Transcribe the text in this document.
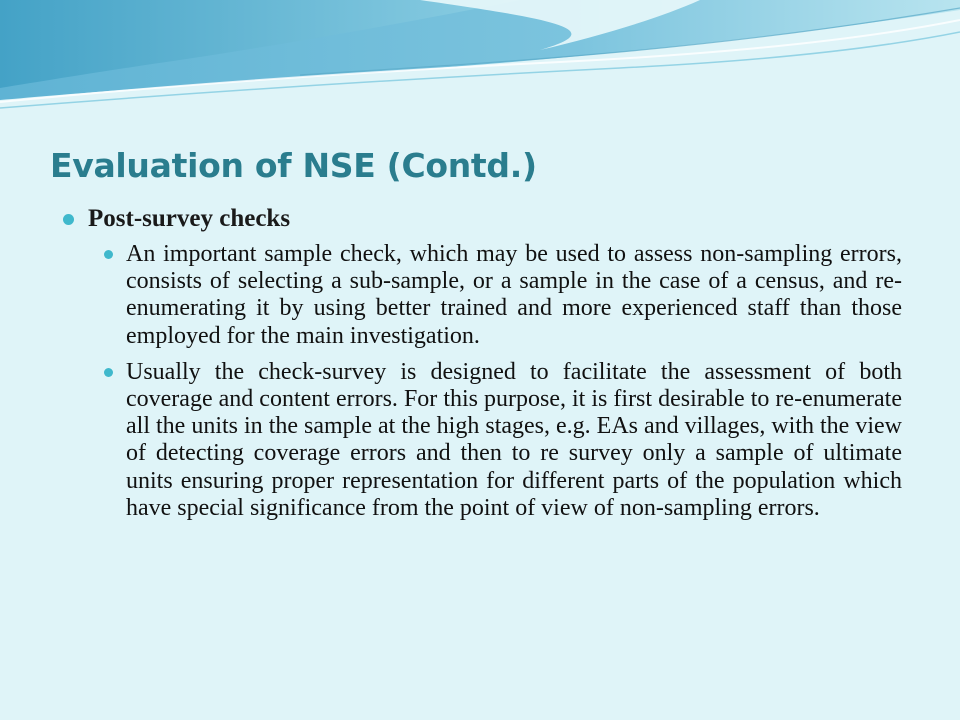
Evaluation of NSE (Contd.)
Post-survey checks
An important sample check, which may be used to assess non-sampling errors, consists of selecting a sub-sample, or a sample in the case of a census, and re-enumerating it by using better trained and more experienced staff than those employed for the main investigation.
Usually the check-survey is designed to facilitate the assessment of both coverage and content errors. For this purpose, it is first desirable to re-enumerate all the units in the sample at the high stages, e.g. EAs and villages, with the view of detecting coverage errors and then to re survey only a sample of ultimate units ensuring proper representation for different parts of the population which have special significance from the point of view of non-sampling errors.
